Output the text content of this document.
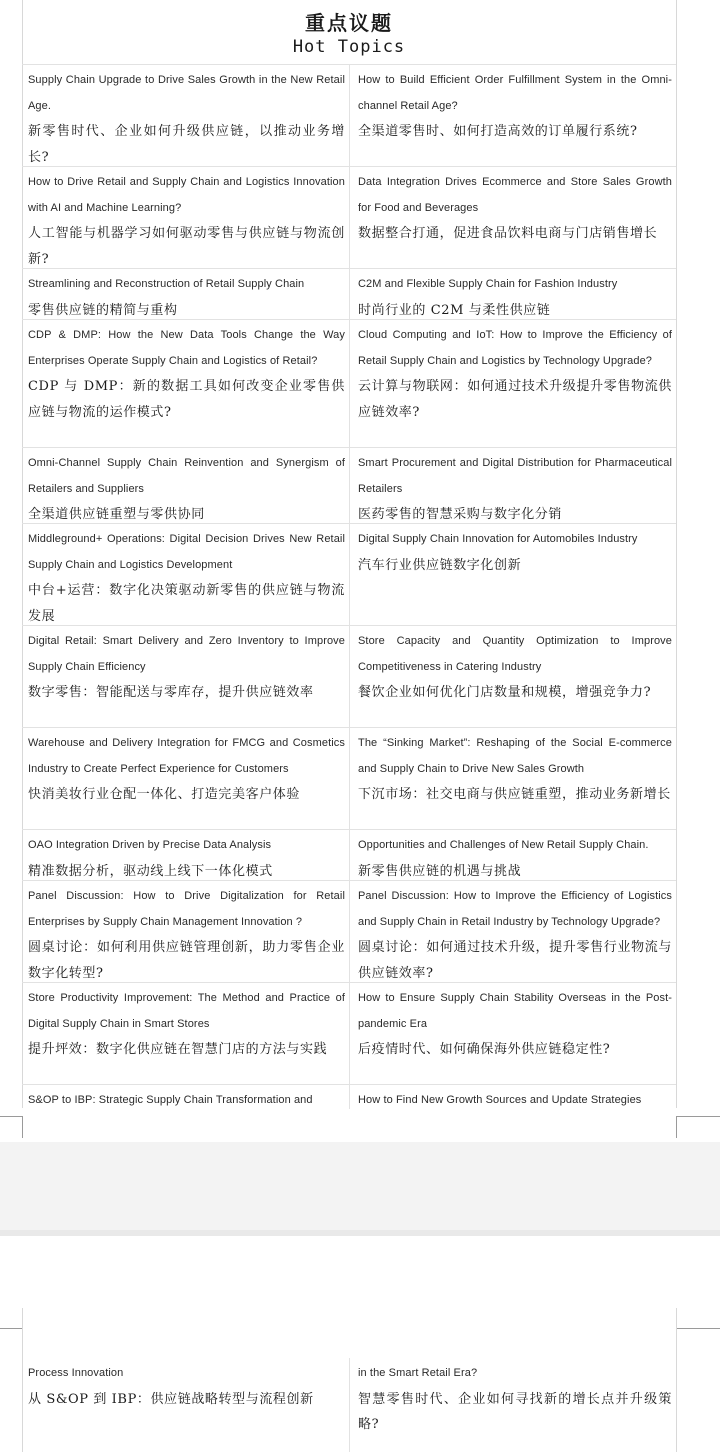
重点议题
Hot Topics
Supply Chain Upgrade to Drive Sales Growth in the New Retail Age.
新零售时代、企业如何升级供应链，以推动业务增长?
How to Build Efficient Order Fulfillment System in the Omni-channel Retail Age?
全渠道零售时、如何打造高效的订单履行系统?
How to Drive Retail and Supply Chain and Logistics Innovation with AI and Machine Learning?
人工智能与机器学习如何驱动零售与供应链与物流创新?
Data Integration Drives Ecommerce and Store Sales Growth for Food and Beverages
数据整合打通，促进食品饮料电商与门店销售增长
Streamlining and Reconstruction of Retail Supply Chain
零售供应链的精简与重构
C2M and Flexible Supply Chain for Fashion Industry
时尚行业的 C2M 与柔性供应链
CDP & DMP: How the New Data Tools Change the Way Enterprises Operate Supply Chain and Logistics of Retail?
CDP 与 DMP：新的数据工具如何改变企业零售供应链与物流的运作模式?
Cloud Computing and IoT: How to Improve the Efficiency of Retail Supply Chain and Logistics by Technology Upgrade?
云计算与物联网：如何通过技术升级提升零售物流供应链效率?
Omni-Channel Supply Chain Reinvention and Synergism of Retailers and Suppliers
全渠道供应链重塑与零供协同
Smart Procurement and Digital Distribution for Pharmaceutical Retailers
医药零售的智慧采购与数字化分销
Middleground+ Operations: Digital Decision Drives New Retail Supply Chain and Logistics Development
中台+运营：数字化决策驱动新零售的供应链与物流发展
Digital Supply Chain Innovation for Automobiles Industry
汽车行业供应链数字化创新
Digital Retail: Smart Delivery and Zero Inventory to Improve Supply Chain Efficiency
数字零售：智能配送与零库存，提升供应链效率
Store Capacity and Quantity Optimization to Improve Competitiveness in Catering Industry
餐饮企业如何优化门店数量和规模，增强竞争力?
Warehouse and Delivery Integration for FMCG and Cosmetics Industry to Create Perfect Experience for Customers
快消美妆行业仓配一体化、打造完美客户体验
The “Sinking Market”: Reshaping of the Social E-commerce and Supply Chain to Drive New Sales Growth
下沉市场：社交电商与供应链重塑，推动业务新增长
OAO Integration Driven by Precise Data Analysis
精准数据分析，驱动线上线下一体化模式
Opportunities and Challenges of New Retail Supply Chain.
新零售供应链的机遇与挑战
Panel Discussion: How to Drive Digitalization for Retail Enterprises by Supply Chain Management Innovation ?
圆桌讨论：如何利用供应链管理创新，助力零售企业数字化转型?
Panel Discussion: How to Improve the Efficiency of Logistics and Supply Chain in Retail Industry by Technology Upgrade?
圆桌讨论：如何通过技术升级，提升零售行业物流与供应链效率?
Store Productivity Improvement: The Method and Practice of Digital Supply Chain in Smart Stores
提升坪效：数字化供应链在智慧门店的方法与实践
How to Ensure Supply Chain Stability Overseas in the Post-pandemic Era
后疫情时代、如何确保海外供应链稳定性?
S&OP to IBP: Strategic Supply Chain Transformation and	How to Find New Growth Sources and Update Strategies
Process Innovation
从 S&OP 到 IBP：供应链战略转型与流程创新
in the Smart Retail Era?
智慧零售时代、企业如何寻找新的增长点并升级策略?
